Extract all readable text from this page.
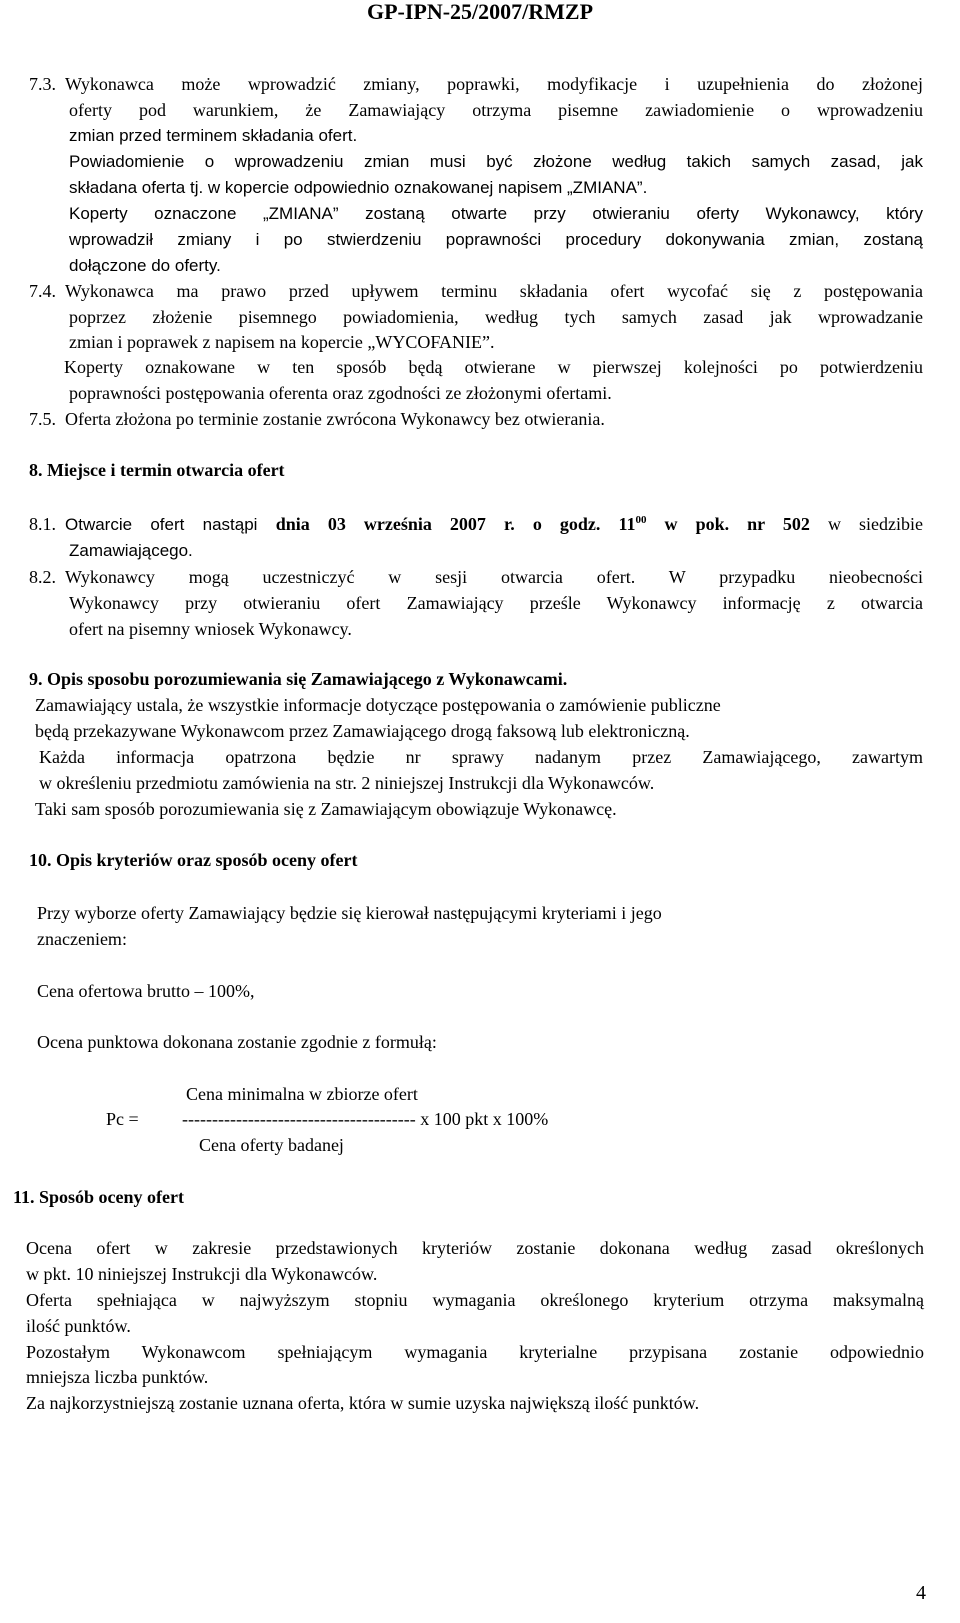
GP-IPN-25/2007/RMZP
7.3. Wykonawca może wprowadzić zmiany, poprawki, modyfikacje i uzupełnienia do złożonej
oferty pod warunkiem, że Zamawiający otrzyma pisemne zawiadomienie o wprowadzeniu
zmian przed terminem składania ofert.
Powiadomienie o wprowadzeniu zmian musi być złożone według takich samych zasad, jak
składana oferta tj. w kopercie odpowiednio oznakowanej napisem „ZMIANA”.
Koperty oznaczone „ZMIANA” zostaną otwarte przy otwieraniu oferty Wykonawcy, który
wprowadził zmiany i po stwierdzeniu poprawności procedury dokonywania zmian, zostaną
dołączone do oferty.
7.4. Wykonawca ma prawo przed upływem terminu składania ofert wycofać się z postępowania
poprzez złożenie pisemnego powiadomienia, według tych samych zasad jak wprowadzanie
zmian i poprawek z napisem na kopercie „WYCOFANIE”.
Koperty oznakowane w ten sposób będą otwierane w pierwszej kolejności po potwierdzeniu
poprawności postępowania oferenta oraz zgodności ze złożonymi ofertami.
7.5. Oferta złożona po terminie zostanie zwrócona Wykonawcy bez otwierania.
8. Miejsce i termin otwarcia ofert
8.1. Otwarcie ofert nastąpi dnia 03 września 2007 r. o godz. $11^{00}$ w pok. nr 502 w siedzibie
Zamawiającego.
8.2. Wykonawcy mogą uczestniczyć w sesji otwarcia ofert. W przypadku nieobecności
Wykonawcy przy otwieraniu ofert Zamawiający prześle Wykonawcy informację z otwarcia
ofert na pisemny wniosek Wykonawcy.
9. Opis sposobu porozumiewania się Zamawiającego z Wykonawcami.
Zamawiający ustala, że wszystkie informacje dotyczące postępowania o zamówienie publiczne
będą przekazywane Wykonawcom przez Zamawiającego drogą faksową lub elektroniczną.
Każda informacja opatrzona będzie nr sprawy nadanym przez Zamawiającego, zawartym
w określeniu przedmiotu zamówienia na str. 2 niniejszej Instrukcji dla Wykonawców.
Taki sam sposób porozumiewania się z Zamawiającym obowiązuje Wykonawcę.
10. Opis kryteriów oraz sposób oceny ofert
Przy wyborze oferty Zamawiający będzie się kierował następującymi kryteriami i jego
znaczeniem:
Cena ofertowa brutto – 100%,
Ocena punktowa dokonana zostanie zgodnie z formułą:
Cena minimalna w zbiorze ofert
Pc = --------------------------------------- x 100 pkt x 100%
Cena oferty badanej
11. Sposób oceny ofert
Ocena ofert w zakresie przedstawionych kryteriów zostanie dokonana według zasad określonych
w pkt. 10 niniejszej Instrukcji dla Wykonawców.
Oferta spełniająca w najwyższym stopniu wymagania określonego kryterium otrzyma maksymalną
ilość punktów.
Pozostałym Wykonawcom spełniającym wymagania kryterialne przypisana zostanie odpowiednio
mniejsza liczba punktów.
Za najkorzystniejszą zostanie uznana oferta, która w sumie uzyska największą ilość punktów.
4
